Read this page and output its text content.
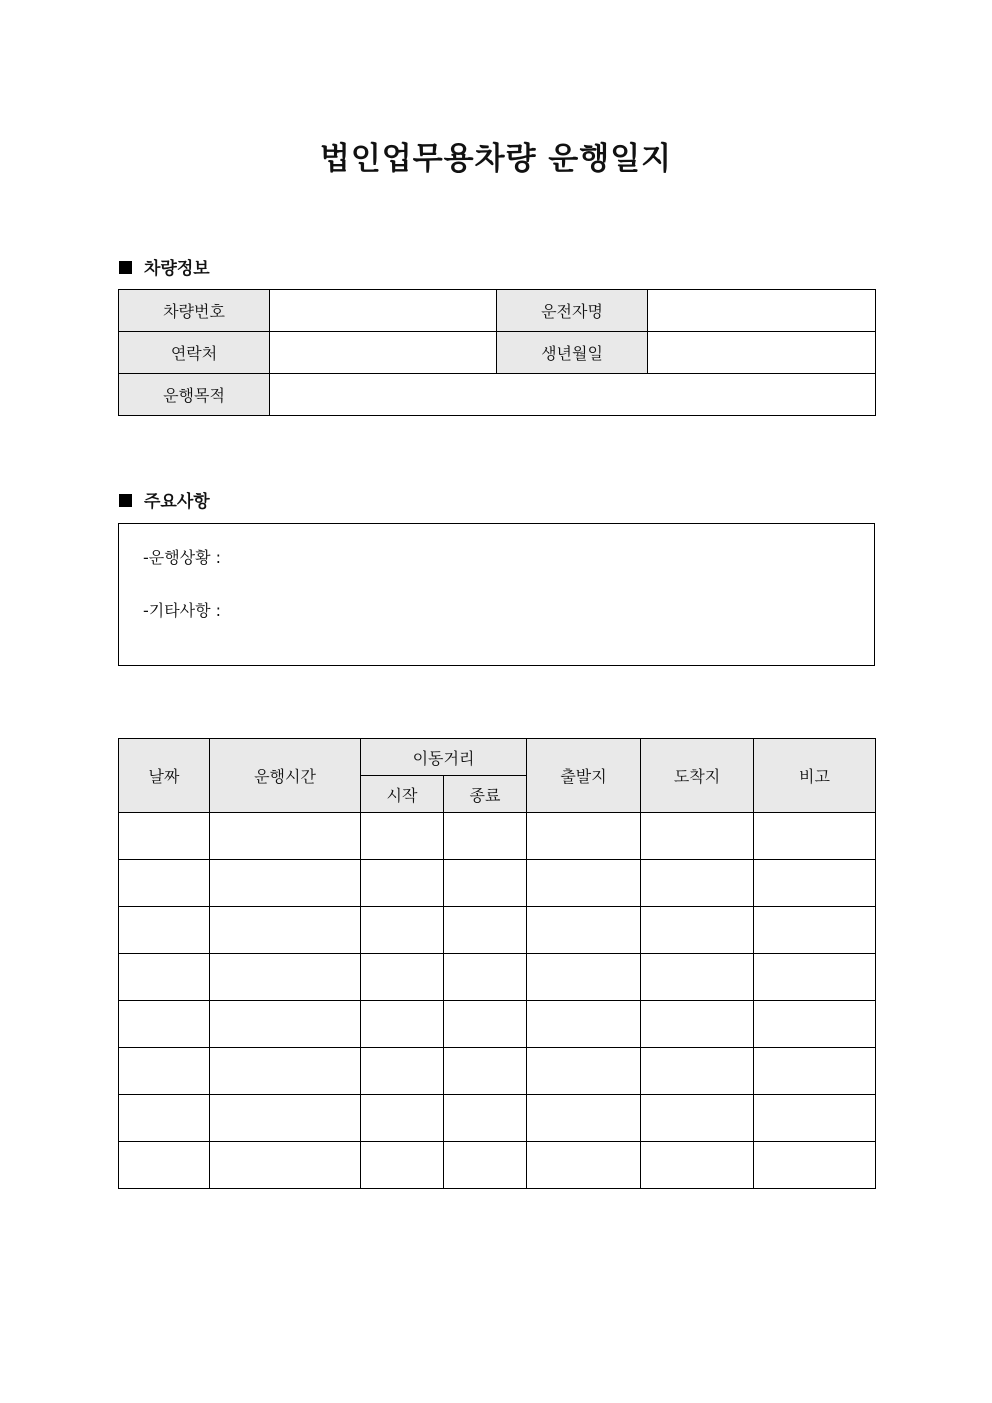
법인업무용차량 운행일지
차량정보
차량번호		운전자명	
연락처		생년월일	
운행목적			
주요사항
-운행상황 :
-기타사항 :
날짜	운행시간	이동거리		출발지	도착지	비고
		시작	종료			
